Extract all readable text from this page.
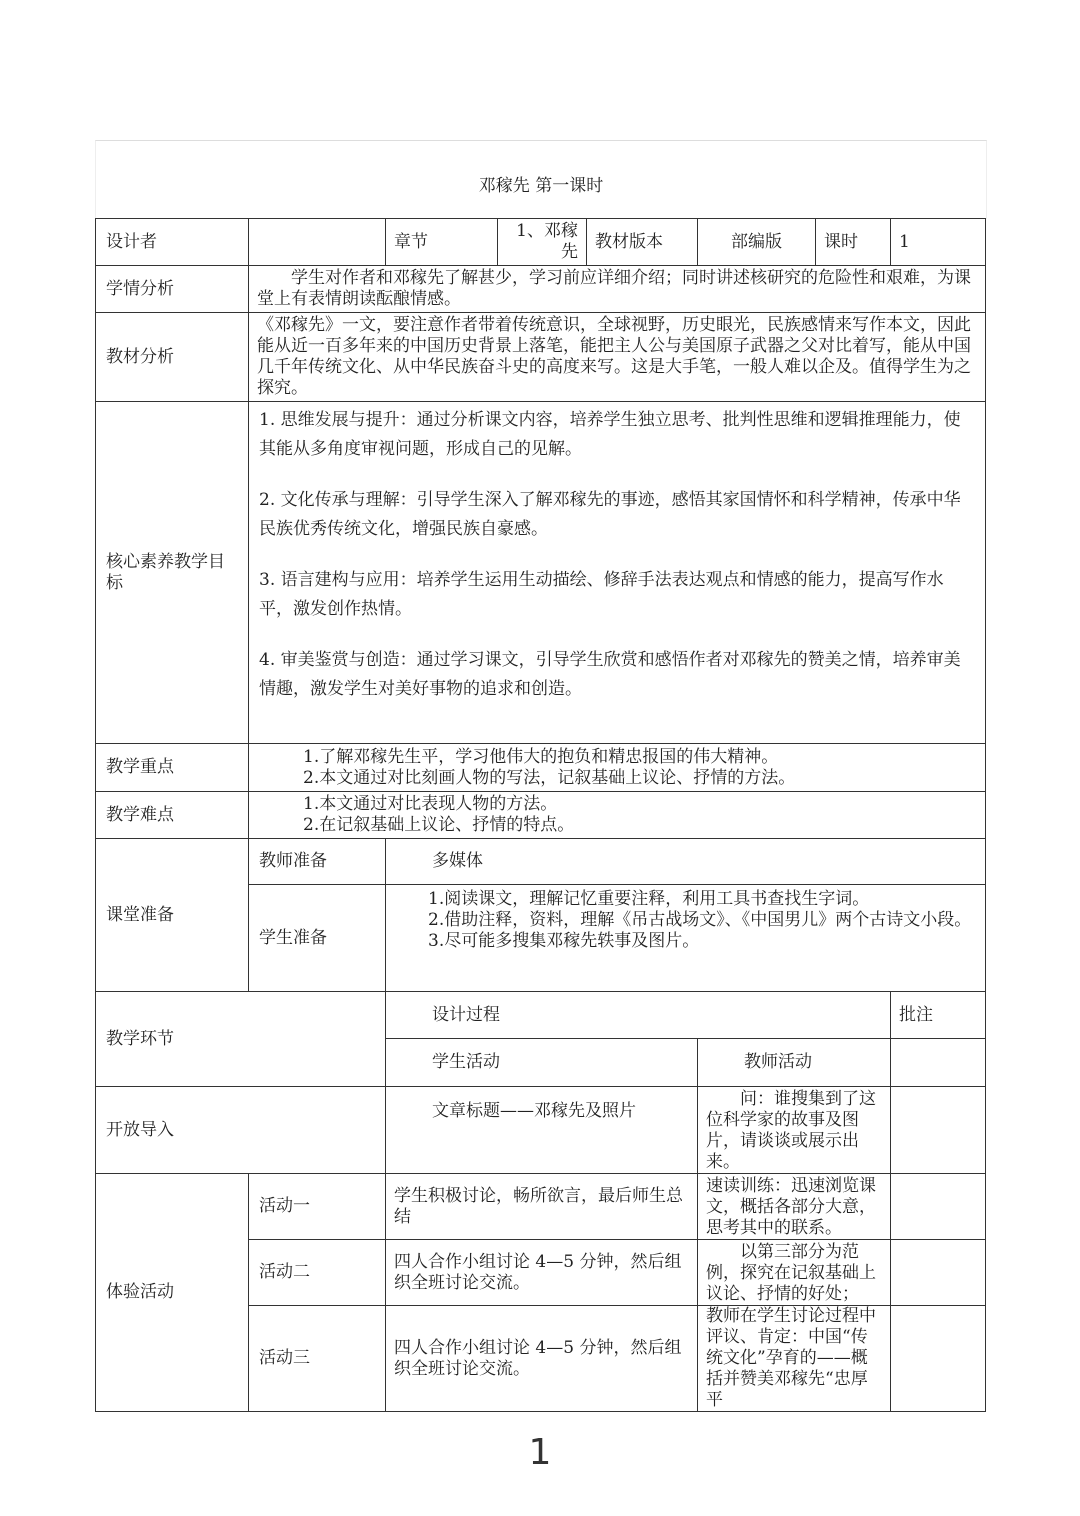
邓稼先 第一课时
设计者		章节	1、邓稼先	教材版本	部编版	课时	1
学情分析	学生对作者和邓稼先了解甚少，学习前应详细介绍；同时讲述核研究的危险性和艰难，为课堂上有表情朗读酝酿情感。						
教材分析	《邓稼先》一文，要注意作者带着传统意识，全球视野，历史眼光，民族感情来写作本文，因此能从近一百多年来的中国历史背景上落笔，能把主人公与美国原子武器之父对比着写，能从中国几千年传统文化、从中华民族奋斗史的高度来写。这是大手笔，一般人难以企及。值得学生为之探究。						
核心素养教学目标	1. 思维发展与提升：通过分析课文内容，培养学生独立思考、批判性思维和逻辑推理能力，使其能从多角度审视问题，形成自己的见解。

2. 文化传承与理解：引导学生深入了解邓稼先的事迹，感悟其家国情怀和科学精神，传承中华民族优秀传统文化，增强民族自豪感。

3. 语言建构与应用：培养学生运用生动描绘、修辞手法表达观点和情感的能力，提高写作水平，激发创作热情。

4. 审美鉴赏与创造：通过学习课文，引导学生欣赏和感悟作者对邓稼先的赞美之情，培养审美情趣，激发学生对美好事物的追求和创造。						

教学重点	1.了解邓稼先生平，学习他伟大的抱负和精忠报国的伟大精神。
2.本文通过对比刻画人物的写法，记叙基础上议论、抒情的方法。						

教学难点	1.本文通过对比表现人物的方法。
2.在记叙基础上议论、抒情的特点。						

课堂准备	教师准备	多媒体					
	学生准备	1.阅读课文，理解记忆重要注释，利用工具书查找生字词。
2.借助注释，资料，理解《吊古战场文》、《中国男儿》两个古诗文小段。
3.尽可能多搜集邓稼先轶事及图片。					

教学环节		设计过程					批注
		学生活动			教师活动		
开放导入		文章标题——邓稼先及照片			问：谁搜集到了这位科学家的故事及图片，请谈谈或展示出来。		
体验活动	活动一	学生积极讨论，畅所欲言，最后师生总结			速读训练：迅速浏览课文，概括各部分大意，思考其中的联系。		
	活动二	四人合作小组讨论 4—5 分钟，然后组织全班讨论交流。			以第三部分为范例，探究在记叙基础上议论、抒情的好处；		
	活动三	四人合作小组讨论 4—5 分钟，然后组织全班讨论交流。			教师在学生讨论过程中评议、肯定：中国“传统文化”孕育的——概括并赞美邓稼先“忠厚平		
1
